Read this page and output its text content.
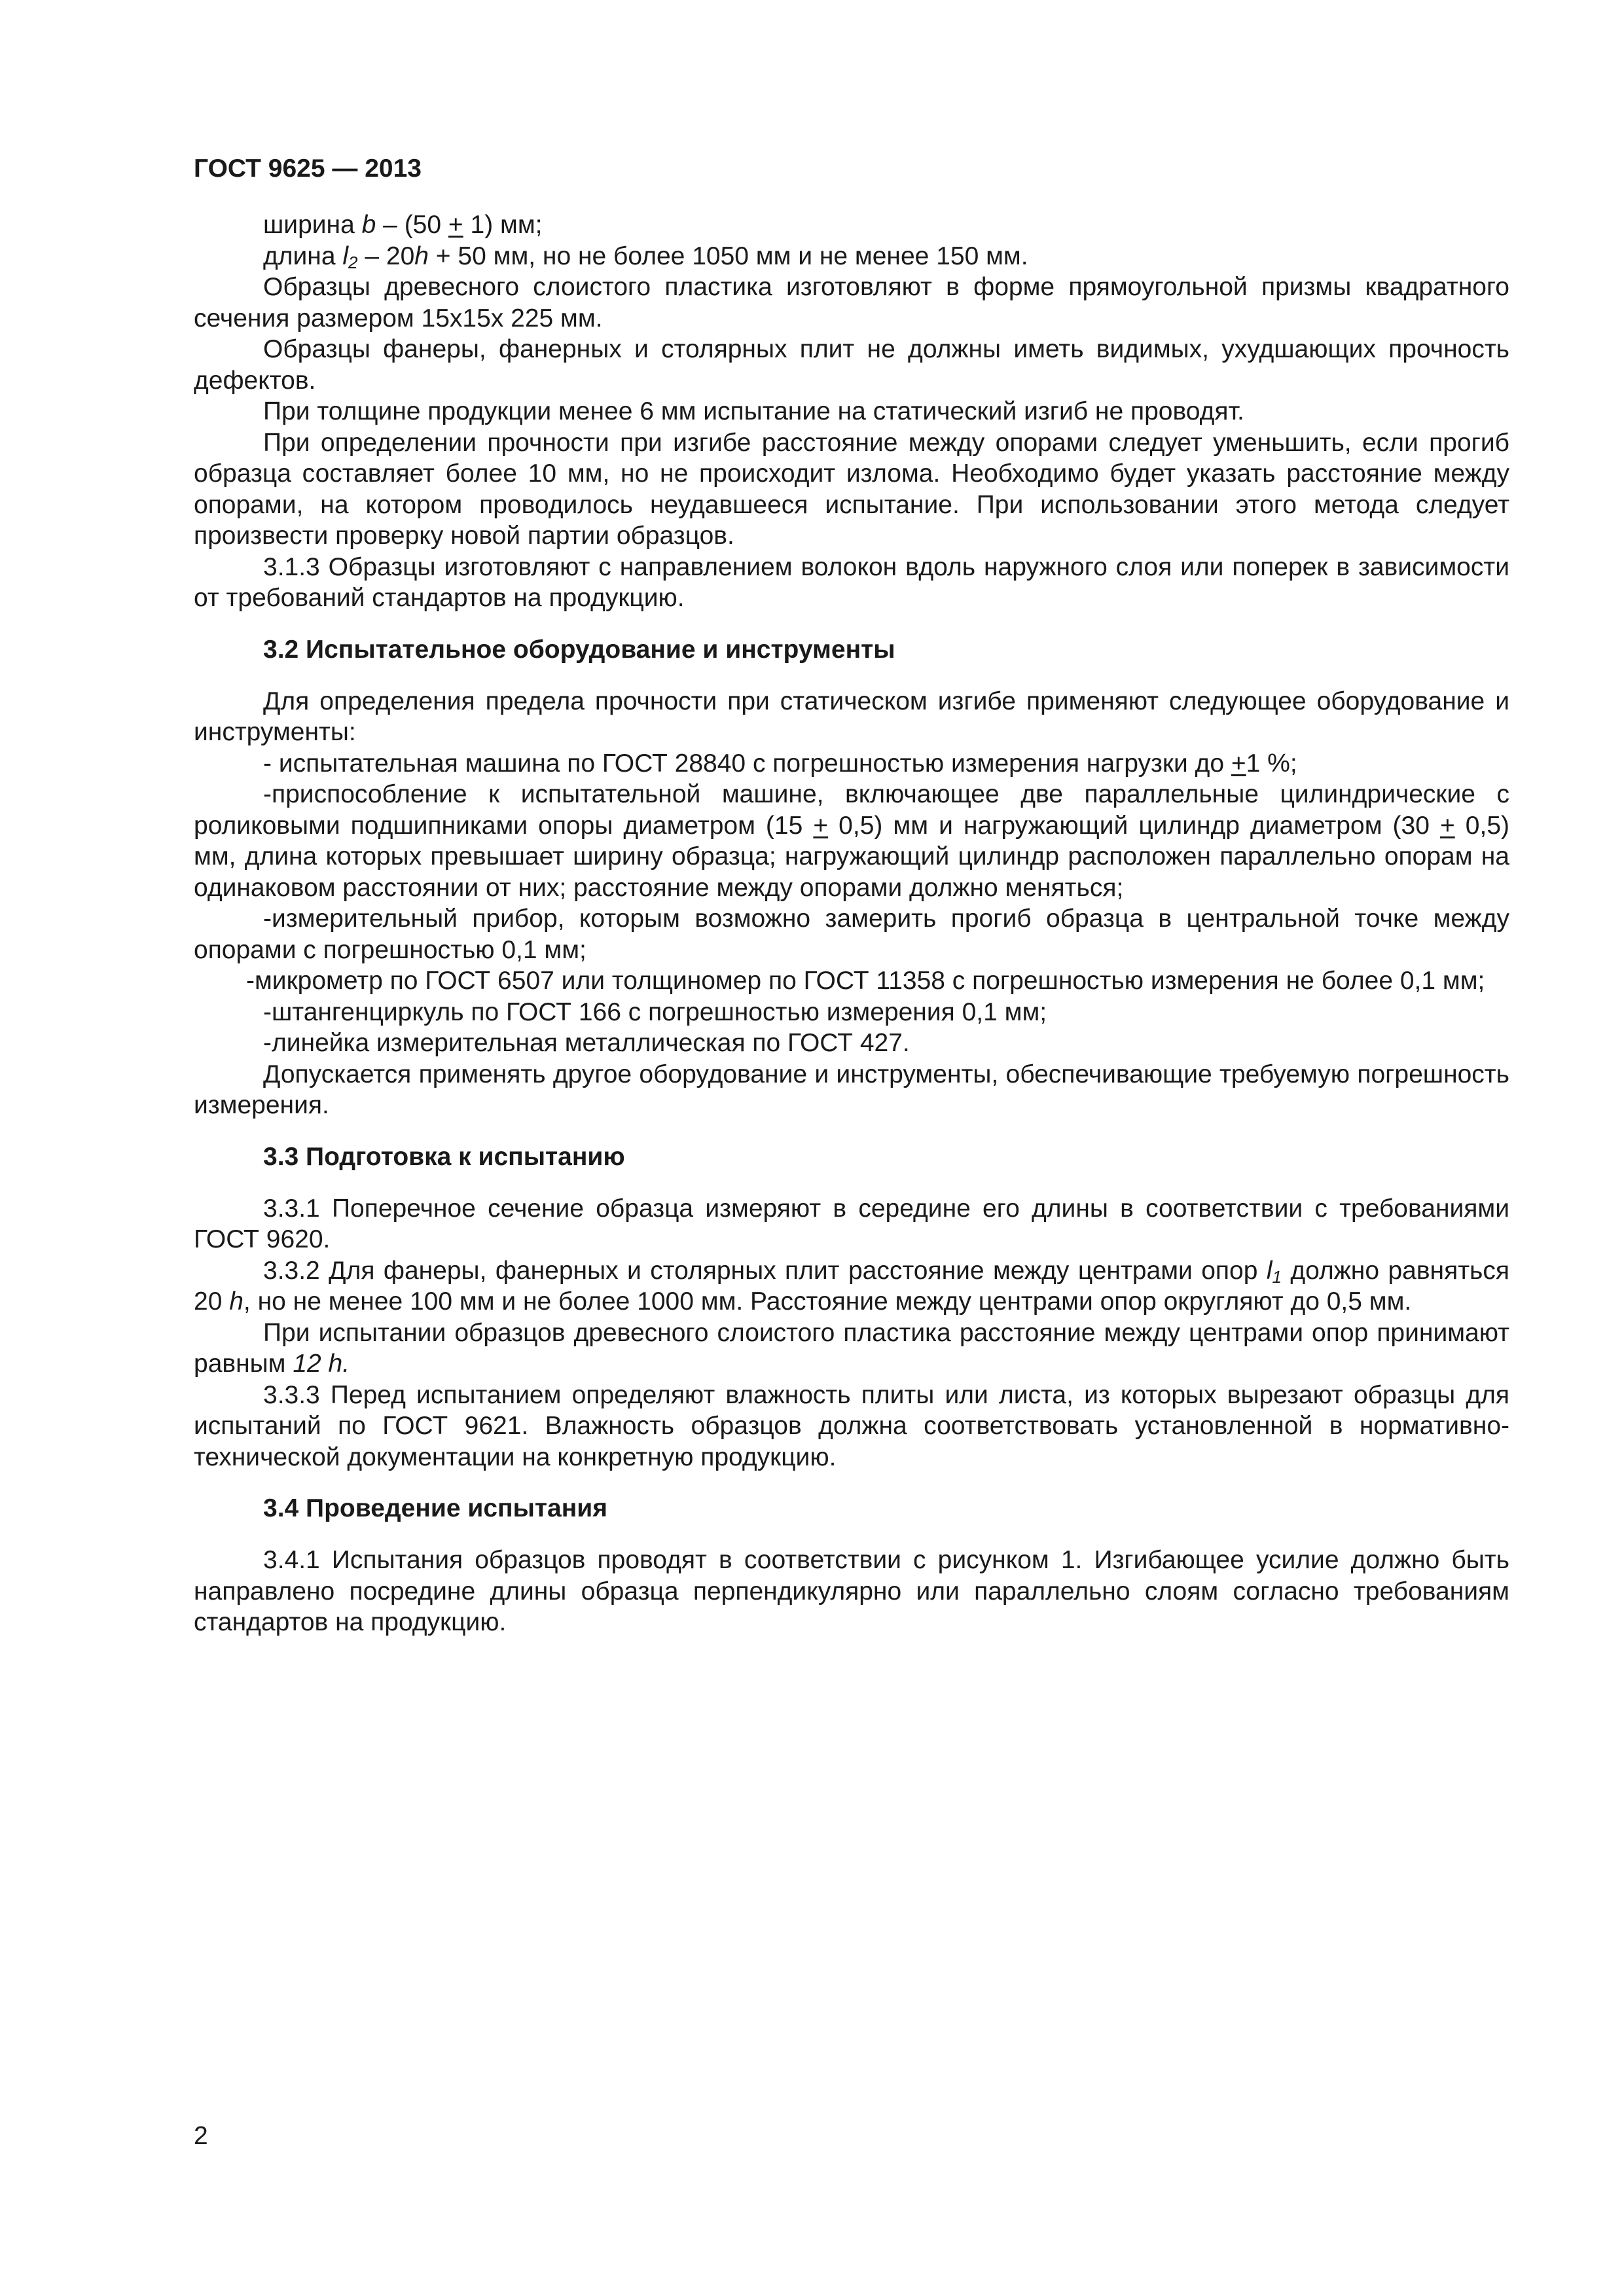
ГОСТ 9625 — 2013

ширина b – (50 + 1) мм;

длина $l_2 - 20h + 50$ мм, но не более 1050 мм и не менее 150 мм.

Образцы древесного слоистого пластика изготовляют в форме прямоугольной призмы квадратного сечения размером 15x15x 225 мм.

Образцы фанеры, фанерных и столярных плит не должны иметь видимых, ухудшающих прочность дефектов.

При толщине продукции менее 6 мм испытание на статический изгиб не проводят.

При определении прочности при изгибе расстояние между опорами следует уменьшить, если прогиб образца составляет более 10 мм, но не происходит излома. Необходимо будет указать расстояние между опорами, на котором проводилось неудавшееся испытание. При использовании этого метода следует произвести проверку новой партии образцов.

3.1.3 Образцы изготовляют с направлением волокон вдоль наружного слоя или поперек в зависимости от требований стандартов на продукцию.

3.2 Испытательное оборудование и инструменты

Для определения предела прочности при статическом изгибе применяют следующее оборудование и инструменты:

- испытательная машина по ГОСТ 28840 с погрешностью измерения нагрузки до +1 %;

-приспособление к испытательной машине, включающее две параллельные цилиндрические с роликовыми подшипниками опоры диаметром (15 + 0,5) мм и нагружающий цилиндр диаметром (30 + 0,5) мм, длина которых превышает ширину образца; нагружающий цилиндр расположен параллельно опорам на одинаковом расстоянии от них; расстояние между опорами должно меняться;

-измерительный прибор, которым возможно замерить прогиб образца в центральной точке между опорами с погрешностью 0,1 мм;

-микрометр по ГОСТ 6507 или толщиномер по ГОСТ 11358 с погрешностью измерения не более 0,1 мм;

-штангенциркуль по ГОСТ 166 с погрешностью измерения 0,1 мм;

-линейка измерительная металлическая по ГОСТ 427.

Допускается применять другое оборудование и инструменты, обеспечивающие требуемую погрешность измерения.

3.3 Подготовка к испытанию

3.3.1 Поперечное сечение образца измеряют в середине его длины в соответствии с требованиями ГОСТ 9620.

3.3.2 Для фанеры, фанерных и столярных плит расстояние между центрами опор $l_1$ должно равняться 20 h, но не менее 100 мм и не более 1000 мм. Расстояние между центрами опор округляют до 0,5 мм.

При испытании образцов древесного слоистого пластика расстояние между центрами опор принимают равным 12 h.

3.3.3 Перед испытанием определяют влажность плиты или листа, из которых вырезают образцы для испытаний по ГОСТ 9621. Влажность образцов должна соответствовать установленной в нормативно-технической документации на конкретную продукцию.

3.4 Проведение испытания

3.4.1 Испытания образцов проводят в соответствии с рисунком 1. Изгибающее усилие должно быть направлено посредине длины образца перпендикулярно или параллельно слоям согласно требованиям стандартов на продукцию.

2
